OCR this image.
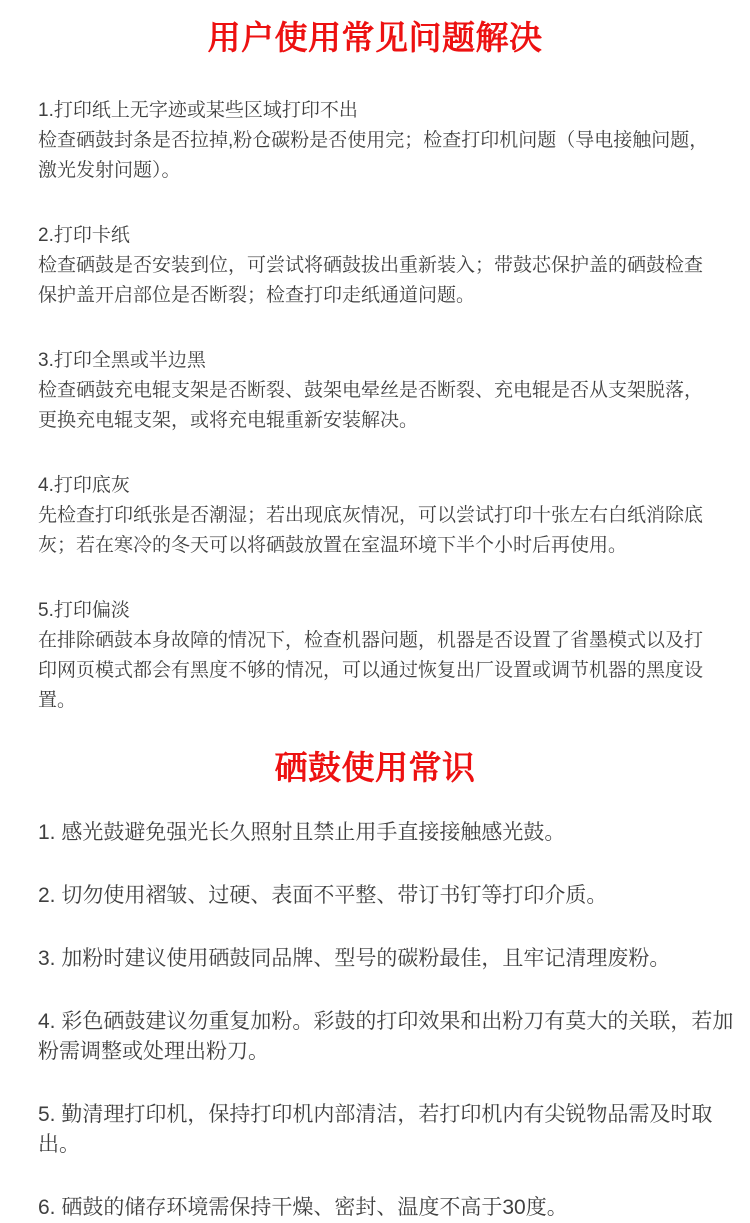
用户使用常见问题解决

1.打印纸上无字迹或某些区域打印不出

检查硒鼓封条是否拉掉,粉仓碳粉是否使用完；检查打印机问题（导电接触问题，激光发射问题）。

2.打印卡纸

检查硒鼓是否安装到位，可尝试将硒鼓拔出重新装入；带鼓芯保护盖的硒鼓检查保护盖开启部位是否断裂；检查打印走纸通道问题。

3.打印全黑或半边黑

检查硒鼓充电辊支架是否断裂、鼓架电晕丝是否断裂、充电辊是否从支架脱落，更换充电辊支架，或将充电辊重新安装解决。

4.打印底灰

先检查打印纸张是否潮湿；若出现底灰情况，可以尝试打印十张左右白纸消除底灰；若在寒冷的冬天可以将硒鼓放置在室温环境下半个小时后再使用。

5.打印偏淡

在排除硒鼓本身故障的情况下，检查机器问题，机器是否设置了省墨模式以及打印网页模式都会有黑度不够的情况，可以通过恢复出厂设置或调节机器的黑度设置。

硒鼓使用常识

1. 感光鼓避免强光长久照射且禁止用手直接接触感光鼓。

2. 切勿使用褶皱、过硬、表面不平整、带订书钉等打印介质。

3. 加粉时建议使用硒鼓同品牌、型号的碳粉最佳，且牢记清理废粉。

4. 彩色硒鼓建议勿重复加粉。彩鼓的打印效果和出粉刀有莫大的关联，若加粉需调整或处理出粉刀。

5. 勤清理打印机，保持打印机内部清洁，若打印机内有尖锐物品需及时取出。

6. 硒鼓的储存环境需保持干燥、密封、温度不高于30度。
